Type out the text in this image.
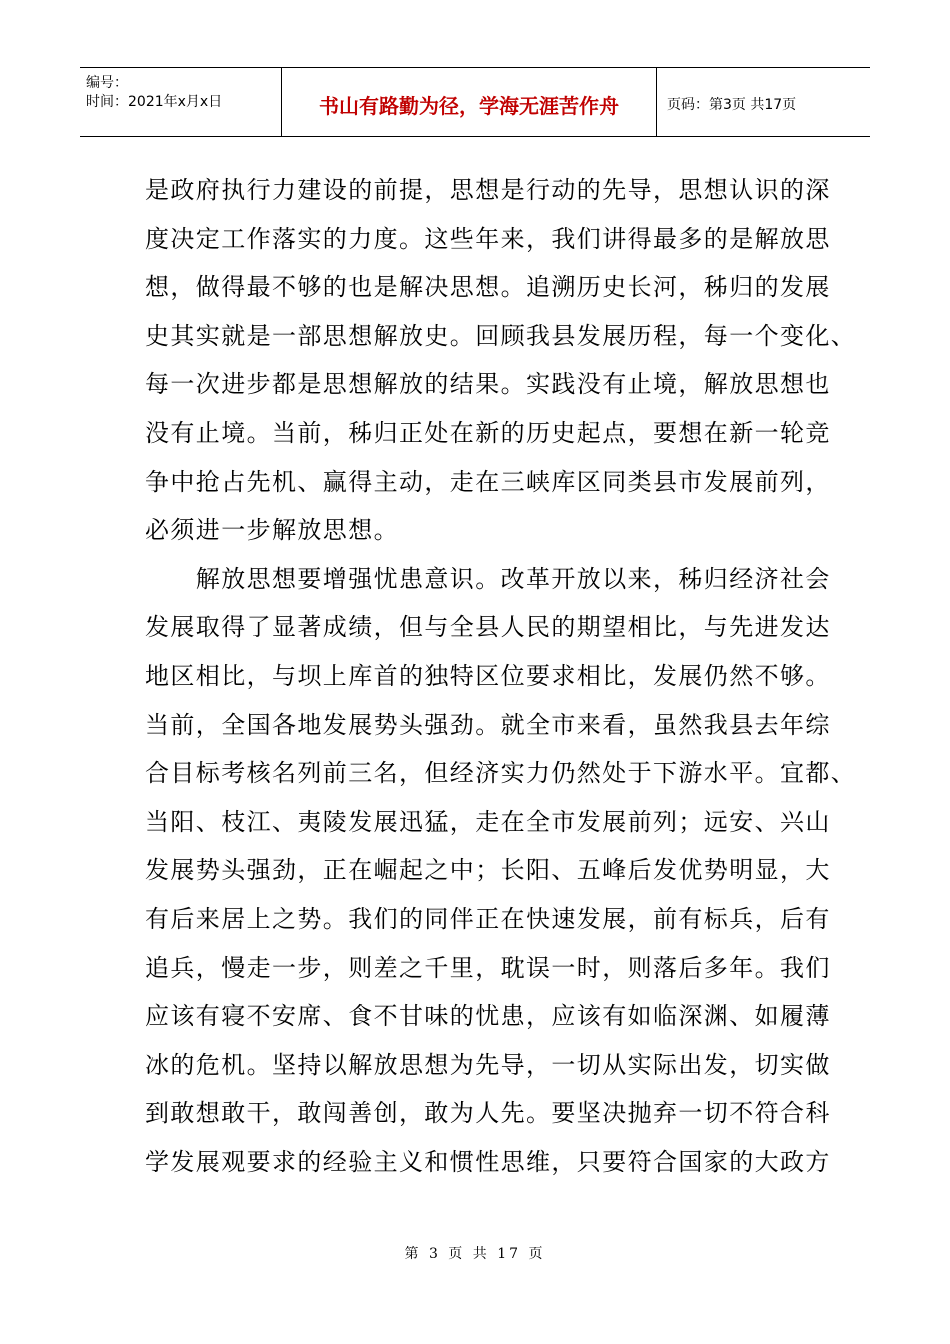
编号：
时间：2021年x月x日	书山有路勤为径，学海无涯苦作舟	页码：第3页 共17页
是政府执行力建设的前提，思想是行动的先导，思想认识的深
度决定工作落实的力度。这些年来，我们讲得最多的是解放思
想，做得最不够的也是解决思想。追溯历史长河，秭归的发展
史其实就是一部思想解放史。回顾我县发展历程，每一个变化、
每一次进步都是思想解放的结果。实践没有止境，解放思想也
没有止境。当前，秭归正处在新的历史起点，要想在新一轮竞
争中抢占先机、赢得主动，走在三峡库区同类县市发展前列，
必须进一步解放思想。
　　解放思想要增强忧患意识。改革开放以来，秭归经济社会
发展取得了显著成绩，但与全县人民的期望相比，与先进发达
地区相比，与坝上库首的独特区位要求相比，发展仍然不够。
当前，全国各地发展势头强劲。就全市来看，虽然我县去年综
合目标考核名列前三名，但经济实力仍然处于下游水平。宜都、
当阳、枝江、夷陵发展迅猛，走在全市发展前列；远安、兴山
发展势头强劲，正在崛起之中；长阳、五峰后发优势明显，大
有后来居上之势。我们的同伴正在快速发展，前有标兵，后有
追兵，慢走一步，则差之千里，耽误一时，则落后多年。我们
应该有寝不安席、食不甘味的忧患，应该有如临深渊、如履薄
冰的危机。坚持以解放思想为先导，一切从实际出发，切实做
到敢想敢干，敢闯善创，敢为人先。要坚决抛弃一切不符合科
学发展观要求的经验主义和惯性思维，只要符合国家的大政方
第 3 页 共 17 页
